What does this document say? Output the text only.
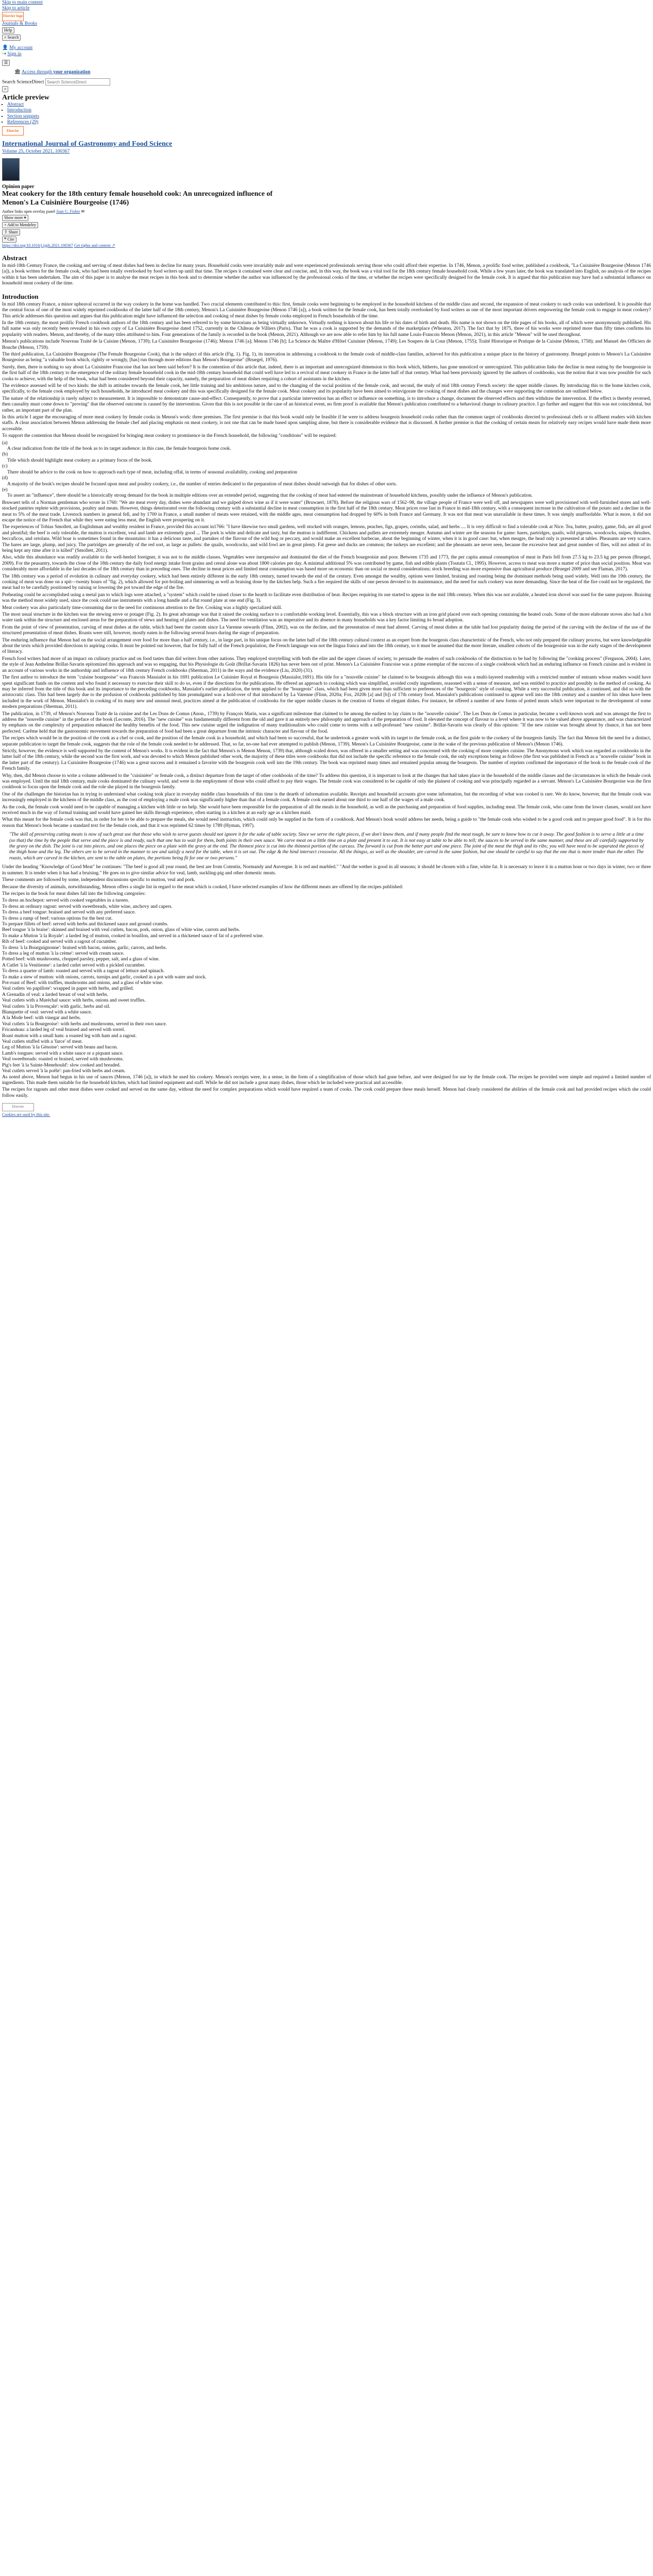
Skip to main content
Skip to article
Elsevier logo
Journals & Books
Help
⌕ Search
👤 My account
⇢ Sign in
☰
🏛 Access through your organization
Search ScienceDirect Search ScienceDirect
⌕
Article preview
▪ Abstract
▪ Introduction
▪ Section snippets
▪ References (29)
Elsevier
International Journal of Gastronomy and Food Science
Volume 25, October 2021, 100367
Opinion paper
Meat cookery for the 18th century female household cook: An unrecognized influence of
Menon's La Cuisinière Bourgeoise (1746)
Author links open overlay panel Joan G. Fisher ✉
Show more ▾
+ Add to Mendeley
⇪ Share
❝ Cite
https://doi.org/10.1016/j.ijgfs.2021.100367 Get rights and content ↗
Abstract

In mid-18th Century France, the cooking and serving of meat dishes had been in decline for many years. Household cooks were invariably male and were experienced professionals serving those who could afford their expertise. In 1746, Menon, a prolific food writer, published a cookbook, "La Cuisinière Bourgeoise (Menon 1746 [a]), a book written for the female cook, who had been totally overlooked by food writers up until that time. The recipes it contained were clear and concise, and, in this way, the book was a vital tool for the 18th century female household cook. While a few years later, the book was translated into English, no analysis of the recipes within it has been undertaken. The aim of this paper is to analyse the meat recipes in this book and to determine whether the author was influenced by the professional cooks of the time, or whether the recipes were specifically designed for the female cook. It is argued that this publication may have had a substantial influence on household meat cookery of the time.

Introduction

In mid 18th century France, a minor upheaval occurred in the way cookery in the home was handled. Two crucial elements contributed to this: first, female cooks were beginning to be employed in the household kitchens of the middle class and second, the expansion of meat cookery to such cooks was underlined. It is possible that the central focus of one of the most widely reprinted cookbooks of the latter half of the 18th century, Menon's La Cuisinière Bourgeoise (Menon 1746 [a]), a book written for the female cook, has been totally overlooked by food writers as one of the most important drivers empowering the female cook to engage in meat cookery? This article addresses this question and argues that this publication might have influenced the selection and cooking of meat dishes by female cooks employed in French households of the time.

In the 18th century, the most prolific French cookbook authors of the 18th century and has been referred to by some historians as being virtually unknown. Virtually nothing is known about his life or his dates of birth and death. His name is not shown on the title pages of his books, all of which were anonymously published. His full name was only recently been revealed in his own copy of La Cuisinière Bourgeoise dated 1752, currently in the Château de Villiers (Paris). That he was a cook is supported by the demands of the marketplace (Wheaton, 2017). The fact that by 1875, three of his works were reprinted more than fifty times confirms his popularity with readers. Menon, and thereby, of the many titles attributed to him. Four generations of the family is recorded in the book (Menon, 2021). Although we are now able to refer him by his full name Louis-Francois Menon (Menon, 2021), in this article "Menon" will be used throughout.

Menon's publications include Nouveau Traité de la Cuisine (Menon, 1739); La Cuisinière Bourgeoise (1746); Menon 1746 [a]; Menon 1746 [b]; La Science du Maître d'Hôtel Cuisinier (Menon, 1749); Les Soupers de la Cour (Menon, 1755); Traité Historique et Pratique de la Cuisine (Menon, 1758); and Manuel des Officiers de Bouche (Menon, 1759).

The third publication, La Cuisinière Bourgeoise (The Female Bourgeoise Cook), that is the subject of this article (Fig. 1). Fig. 1), its innovation in addressing a cookbook to the female cook of middle-class families, achieved for this publication a unique place in the history of gastronomy. Bruegel points to Menon's La Cuisinière Bourgeoise as being "a valuable book which, rightly or wrongly, [has] run through more editions than Menon's Bourgeoise" (Bruegel, 1976).

Surely, then, there is nothing to say about La Cuisinière Francoise that has not been said before? It is the contention of this article that, indeed, there is an important and unrecognized dimension to this book which, hitherto, has gone unnoticed or unrecognized. This publication links the decline in meat eating by the bourgeoisie in the first half of the 18th century to the emergence of the solitary female household cook in the mid-18th century household that could well have led to a revival of meat cookery in France in the latter half of that century. What had been previously ignored by the authors of cookbooks, was the notion that it was now possible for such cooks to achieve, with the help of the book, what had been considered beyond their capacity, namely, the preparation of meat dishes requiring a cohort of assistants in the kitchen.

The evidence assessed will be of two kinds: the shift in attitudes towards the female cook, her little training and his ambitious nature, and to the changing of the social position of the female cook, and second, the study of mid 18th century French society: the upper middle classes. By introducing this to the home kitchen cook, specifically, to the female cook employed by such households, he introduced meat cookery and this was specifically designed for the female cook. Meat cookery and its popularity have been aimed to reinvigorate the cooking of meat dishes and the changes were supporting the contention are outlined below.

The nature of the relationship is rarely subject to measurement. It is impossible to demonstrate cause-and-effect. Consequently, to prove that a particular intervention has an effect or influence on something, is to introduce a change, document the observed effects and then withdraw the intervention. If the effect is thereby reversed, then causality must come down to "proving" that the observed outcome is caused by the intervention. Given that this is not possible in the case of an historical event, no firm proof is available that Menon's publication contributed to a behavioral change in culinary practice. I go further and suggest that this was not coincidental, but rather, an important part of the plan.

In this article I argue the encouraging of more meat cookery by female cooks in Menon's work: three premises. The first premise is that this book would only be feasible if he were to address bourgeois household cooks rather than the common target of cookbooks directed to professional chefs or to affluent readers with kitchen staffs. A clear association between Menon addressing the female chef and placing emphasis on meat cookery, is not one that can be made based upon sampling alone, but there is considerable evidence that is discussed. A further premise is that the cooking of certain meats for relatively easy recipes would have made them more accessible.

To support the contention that Menon should be recognized for bringing meat cookery to prominence in the French household, the following "conditions" will be required:

(a)
A clear indication from the title of the book as to its target audience: in this case, the female bourgeois home cook.
(b)
Title which should highlight meat cookery as a primary focus of the book.
(c)
There should be advice to the cook on how to approach each type of meat, including offal, in terms of seasonal availability, cooking and preparation
(d)
A majority of the book's recipes should be focused upon meat and poultry cookery, i.e., the number of entries dedicated to the preparation of meat dishes should outweigh that for dishes of other sorts.
(e)
To assert an "influence", there should be a historically strong demand for the book in multiple editions over an extended period, suggesting that the cooking of meat had entered the mainstream of household kitchens, possibly under the influence of Menon's publication.

Bruwaert tells of a Norman gentleman who wrote in 1760: "We ate meat every day, dishes were abundant and we gulped down wine as if it were water" (Bruwaert, 1878). Before the religious wars of 1562–98, the village people of France were well off, and newspapers were well provisioned with well-furnished stores and well-stocked pantries replete with provisions, poultry and meats. However, things deteriorated over the following century with a substantial decline in meat consumption in the first half of the 18th century. Meat prices rose fast in France in mid-18th century, with a consequent increase in the cultivation of the potato and a decline in the meat to 5% of the meat trade. Livestock numbers in general fell, and by 1700 in France, a small number of meats were retained, with the middle ages, meat consumption had dropped by 60% in both France and Germany. It was not that meat was unavailable in these times. It was simply unaffordable. What is more, it did not escape the notice of the French that while they were eating less meat, the English were prospering on it.

The experiences of Tobias Smollett, an Englishman and wealthy resident in France, provided this account in1766: "I have likewise two small gardens, well stocked with oranges, lemons, peaches, figs, grapes, corinths, salad, and herbs .... It is very difficult to find a tolerable cook at Nice. Tea, butter, poultry, game, fish, are all good and plentiful; the beef is only tolerable, the mutton is excellent, veal and lamb are extremely good ... The pork is white and delicate and tasty, but the mutton is indifferent. Chickens and pullets are extremely meager. Autumn and winter are the seasons for game: hares, partridges, quails, wild pigeons, woodcocks, snipes, thrushes, beccaficos, and ortolans. Wild boar is sometimes found in the mountains: it has a delicious taste, and partakes of the flavour of the wild hog or peccary, and would make an excellent barbecue, about the beginning of winter, when it is in good case: but, when meagre, the head only is presented at tables. Pheasants are very scarce. The hares are large, plump, and juicy. The partridges are generally of the red sort, as large as pullets: the quails, woodcocks, and wild fowl are in great plenty. Fat geese and ducks are common; the turkeys are excellent; and the pheasants are never seen, because the excessive heat and great number of flies, will not admit of its being kept any time after it is killed" (Smollett, 2011).

Also, while this abundance was readily available to the well-heeled foreigner, it was not to the middle classes. Vegetables were inexpensive and dominated the diet of the French bourgeoisie and poor. Between 1735 and 1773, the per capita annual consumption of meat in Paris fell from 27.5 kg to 23.5 kg per person (Bruegel, 2009). For the peasantry, towards the close of the 18th century the daily food energy intake from grains and cereal alone was about 1800 calories per day. A minimal additional 5% was contributed by game, fish and edible plants (Toutain Cl., 1995). However, access to meat was more a matter of price than social position. Meat was considerably more affordable in the last decades of the 18th century than in preceding ones. The decline in meat prices and limited meat consumption was based more on economic than on social or moral considerations; stock breeding was more expensive than agricultural produce (Bruegel 2009 and see Flaman, 2017).

The 18th century was a period of evolution in culinary and everyday cookery, which had been entirely different in the early 18th century, turned towards the end of the century. Even amongst the wealthy, options were limited, braising and roasting being the dominant methods being used widely. Well into the 19th century, the cooking of meat was done on a spit—twenty hours of "fig. 2), which allowed for pot-boiling and simmering as well as braising done by the kitchen help. Such a fire required the skills of one person devoted to its maintenance, and the need for such cookery was more demanding. Since the heat of the fire could not be regulated, the meat had to be carefully positioned by raising or lowering the pot toward the edge of the fire.

Preheating could be accomplished using a metal pan to which logs were attached, a "system" which could be raised closer to the hearth to facilitate even distribution of heat. Recipes requiring its use started to appear in the mid 18th century. When this was not available, a heated iron shovel was used for the same purpose. Braising was the method most widely used, since the cook could use instruments with a long handle and a flat round plate at one end (Fig. 3).

Meat cookery was also particularly time-consuming due to the need for continuous attention to the fire. Cooking was a highly specialized skill.

The most usual structure in the kitchen was the stewing stove or potager (Fig. 2). Its great advantage was that it raised the cooking surface to a comfortable working level. Essentially, this was a block structure with an iron grid placed over each opening containing the heated coals. Some of the more elaborate stoves also had a hot water tank within the structure and enclosed areas for the preparation of stews and heating of plates and dishes. The need for ventilation was an imperative and its absence in many households was a key factor limiting its broad adoption.

From the point of view of presentation, carving of meat dishes at the table, which had been the custom since La Varenne onwards (Flinn, 2002), was on the decline, and the presentation of meat had altered. Carving of meat dishes at the table had lost popularity during the period of the carving with the decline of the use of the structured presentation of meat dishes. Roasts were still, however, mostly eaten in the following several hours during the stage of preparation.

The enduring influence that Menon had on the social arrangement over food for more than a half century, i.e., in large part, in his unique focus on the latter half of the 18th century cultural context as an expert from the bourgeois class characteristic of the French, who not only prepared the culinary process, but were knowledgeable about the texts which provided directions to aspiring cooks. It must be pointed out however, that for fully half of the French population, the French language was not the lingua franca and into the 18th century, so it must be assumed that the more literate, smallest cohorts of the bourgeoisie was in the early stages of the development of literacy.

French food writers had more of an impact on culinary practice and on food tastes than did writers from other nations. They employed storytelling with both the elite and the upper classes of society, to persuade the readers of such cookbooks of the distinction to be had by following the "cooking process" (Ferguson, 2004). Later, the style of Jean Anthelme Brillat-Savarin epitomized this approach and was so engaging, that his Physiologie du Goût (Brillat-Savarin 1826) has never been out of print. Menon's La Cuisinière Francoise was a prime exemplar of the success of a single cookbook which had an enduring influence on French cuisine and is evident in an account of various works in the authorship and influence of 18th century French cookbooks (Sherman, 2011) in the ways and the evidence (Liu, 2020) (31).

The first author to introduce the term "cuisine bourgeoise" was Francois Massialot in his 1691 publication Le Cuisinier Royal et Bourgeois (Massialot,1691). His title for a "nouvelle cuisine" he claimed to be bourgeois although this was a multi-layered readership with a restricted number of entrants whose readers would have spent significant funds on the content and who found it necessary to exercise their skill to do so, even if the directions for the publications. He offered an approach to cooking which was simplified, avoided costly ingredients, reasoned with a sense of measure, and was entitled to practice and possibly in the method of cooking. As may be inferred from the title of this book and its importance to the preceding cookbooks, Massialot's earlier publication, the term applied to the "bourgeois" class, which had been given more than sufficient to preferences of the "bourgeois" style of cooking. While a very successful publication, it continued, and did so with the aristocratic class. This had been largely due to the profusion of cookbooks published by him promulgated was a hold-over of that introduced by La Varenne (Flinn, 2020a; Fox, 2020b [a] and [b]) of 17th century food. Massialot's publications continued to appear well into the 18th century and a number of his ideas have been included in the work of Menon. Massialot's in cooking of its many new and unusual meal, practices aimed at the publication of cookbooks for the upper middle classes in the creation of forms of elegant dishes. For instance, he offered a number of new forms of potted meats which were important to the development of some modern preparations (Sherman, 2011).

The publication, in 1739, of Menon's Nouveau Traité de la cuisine and the Les Dons de Comus (Anon., 1739) by François Marin, was a significant milestone that claimed to be among the earliest to lay claim to the "nouvelle cuisine". The Les Dons de Comus in particular, became a well-known work and was amongst the first to address the "nouvelle cuisine" in the preface of the book (Leconte, 2016). The "new cuisine" was fundamentally different from the old and gave it an entirely new philosophy and approach of the preparation of food. It elevated the concept of flavour to a level where it was now to be valued above appearance, and was characterized by emphasis on the complexity of preparation enhanced the healthy benefits of the food. This new cuisine urged the indignation of many traditionalists who could come to terms with a self-professed "new cuisine". Brillat-Savarin was clearly of this opinion: "If the new cuisine was brought about by chance, it has not been perfected. Carême held that the gastronomic movement towards the preparation of food had been a great departure from the intrinsic character and flavour of the food.

The recipes which would be in the position of the cook as a chef or cook, and the position of the female cook in a household, and which had been so successful, that he undertook a greater work with its target to the female cook, as the first guide to the cookery of the bourgeois family. The fact that Menon felt the need for a distinct, separate publication to target the female cook, suggests that the role of the female cook needed to be addressed. That, so far, no-one had ever attempted to publish (Menon, 1739). Menon's La Cuisinière Bourgeoise, came in the wake of the previous publication of Menon's (Menon 1746).

Strictly, however, the evidence is well supported by the content of Menon's works. It is evident in the fact that Menon's is Menon Menon, 1739) that, although scaled down, was offered in a smaller setting and was concerned with the cooking of more complex cuisine. The Anonymous work which was regarded as cookbooks in the latter half of the 18th century, while the second was the first work, and was devoted to which Menon published other work, the majority of these titles were cookbooks that did not include the specific reference to the female cook, the only exceptions being as follows (the first was published in French as a "nouvelle cuisine" book in the latter part of the century). La Cuisinière Bourgeoise (1746) was a great success and it remained a favorite with the bourgeois cook well into the 19th century. The book was reprinted many times and remained popular among the bourgeois. The number of reprints confirmed the importance of the book to the female cook of the French family.

Why, then, did Menon choose to write a volume addressed to the "cuisinière" or female cook, a distinct departure from the target of other cookbooks of the time? To address this question, it is important to look at the changes that had taken place in the household of the middle classes and the circumstances in which the female cook was employed. Until the mid 18th century, male cooks dominated the culinary world, and were in the employment of those who could afford to pay their wages. The female cook was considered to be capable of only the plainest of cooking and was principally regarded as a servant. Menon's La Cuisinière Bourgeoise was the first cookbook to focus upon the female cook and the role she played in the bourgeois family.

One of the challenges the historian has in trying to understand what cooking took place in everyday middle class households of this time is the dearth of information available. Receipts and household accounts give some information, but the recording of what was cooked is rare. We do know, however, that the female cook was increasingly employed in the kitchens of the middle class, as the cost of employing a male cook was significantly higher than that of a female cook. A female cook earned about one third to one half of the wages of a male cook.

As the cook, the female cook would need to be capable of managing a kitchen with little or no help. She would have been responsible for the preparation of all the meals in the household, as well as the purchasing and preparation of food supplies, including meat. The female cook, who came from the lower classes, would not have received much in the way of formal training and would have gained her skills through experience, often starting in a kitchen at an early age as a kitchen maid.

What this meant for the female cook was that, in order for her to be able to prepare the meals, she would need instruction, which could only be supplied in the form of a cookbook. And Menon's book would address her needs, being a guide to "the female cook who wished to be a good cook and to prepare good food". It is for this reason that Menon's book became a standard text for the female cook, and that it was reprinted 62 times by 1789 (Hyman, 1997).

"The skill of preserving cutting meats is now of such great use that those who wish to serve guests should not ignore it for the sake of table society. Since we serve the right pieces, if we don't know them, and if many people find the meat tough, be sure to know how to cut it away. The good fashion is to serve a little at a time (so that) the time by the people that serve and the piece is and ready, such that one has to wait for them, both joints in their own sauce. We carve meat on a little time on a plate and present it to eat. It is not easy at table to be able to tell; the sauces to be served in the same manner, and these are all carefully supported by the gravy on the dish. The joint is cut into pieces, and one places the piece on a plate with the gravy at the end. The thinnest piece is cut into the thinnest portion of the carcass. The forward is cut from the better part and one piece. The joint of the meat the thigh and its ribs; you will have need to be separated the pieces of the thigh bone and the leg. The others are to be served in the manner to see and satisfy a need for the table, when it is set out. The edge & the hind intersect crosswise. All the thingss, as well as the shoulder, are carved in the same fashion, but one should be careful to say that the one that is more tender than the other. The roasts, which are carved in the kitchen, are sent to the table on plates, the portions being fit for one or two persons."

Under the heading "Knowledge of Good Meat" he continues: "The beef is good all year round, the best are from Cotentin, Normandy and Auvergne. It is red and marbled." "And the wether is good in all seasons; it should be chosen with a fine, white fat. It is necessary to leave it in a mutton hour or two days in winter, two or three in summer. It is tender when it has had a bruising." He goes on to give similar advice for veal, lamb, suckling-pig and other domestic meats.

These comments are followed by some, independent discussions specific to mutton, veal and pork.

Because the diversity of animals, notwithstanding, Menon offers a single list in regard to the meat which is cooked, I have selected examples of how the different meats are offered by the recipes published:

The recipes in the book for meat dishes fall into the following categories:

To dress an hochepot: served with cooked vegetables in a tureen.

To dress an ordinary ragout: served with sweetbreads, white wine, anchovy and capers.

To dress a beef tongue: braised and served with any preferred sauce.

To dress a rump of beef: various options for the best cut.

To prepare fillets of beef: served with herbs and thickened sauce and ground crumbs.

Beef tongue 'à la braise': skinned and braised with veal cutlets, bacon, pork, onion, glass of white wine, carrots and herbs.

To make a Mutton 'à la Royale': a larded leg of mutton, cooked in bouillon, and served in a thickened sauce of fat of a preferred wine.

Rib of beef: cooked and served with a ragout of cucumber.

To dress 'à la Bourguignonne': braised with bacon, onions, garlic, carrots, and herbs.

To dress a leg of mutton 'à la crème': served with cream sauce.

Potted beef: with mushrooms, chopped parsley, pepper, salt, and a glass of wine.

A Cutlet 'à la Venitienne': a larded cutlet served with a pickled cucumber.

To dress a quarter of lamb: roasted and served with a ragout of lettuce and spinach.

To make a stew of mutton: with onions, carrots, turnips and garlic, cooked in a pot with water and stock.

Pot-roast of Beef: with truffles, mushrooms and onions, and a glass of white wine.

Veal cutlets 'en papillote': wrapped in paper with herbs, and grilled.

A Grenadin of veal: a larded breast of veal with herbs.

Veal cutlets with a Maréchal sauce: with herbs, onions and sweet truffles.

Veal cutlets 'à la Provençale': with garlic, herbs and oil.

Blanquette of veal: served with a white sauce.

A la Mode beef: with vinegar and herbs.

Veal cutlets 'à la Bourgeoise': with herbs and mushrooms, served in their own sauce.

Fricandeau: a larded leg of veal braised and served with sorrel.

Roast mutton with a small ham: a roasted leg with ham and a ragout.

Veal cutlets stuffed with a 'farce' of meat.

Leg of Mutton 'à la Génoise': served with beans and bacon.

Lamb's tongues: served with a white sauce or a piquant sauce.

Veal sweetbreads: roasted or braised, served with mushrooms.

Pig's feet 'à la Sainte-Menehould': slow cooked and breaded.

Veal cutlets served 'à la poêle': pan-fried with herbs and cream.

As noted above, Menon had begun in his use of sauces (Menon, 1746 [a]), in which he used his cookery. Menon's receipts were, in a sense, in the form of a simplification of those which had gone before, and were designed for use by the female cook. The recipes he provided were simple and required a limited number of ingredients. This made them suitable for the household kitchen, which had limited equipment and staff. While he did not include a great many dishes, those which he included were practical and accessible.

The recipes for ragouts and other meat dishes were cooked and served on the same day, without the need for complex preparations which would have required a team of cooks. The cook could prepare these meals herself. Menon had clearly considered the abilities of the female cook and had provided recipes which she could follow easily.

Elsevier
Cookies are used by this site.
